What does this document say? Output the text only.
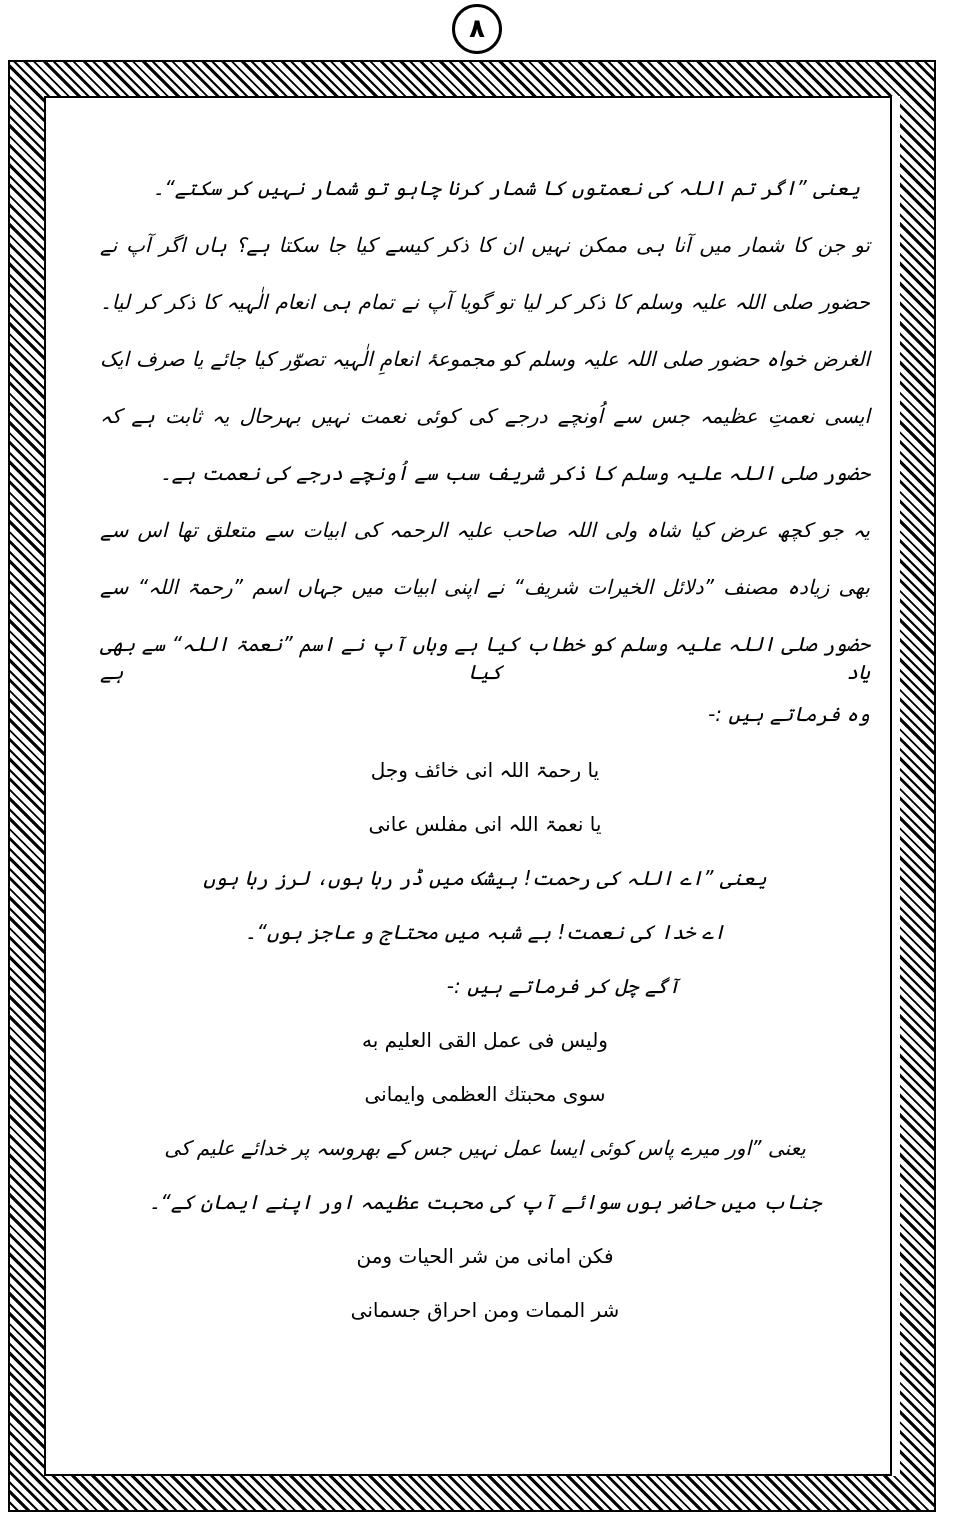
٨
یعنی ”اگر تم اللہ کی نعمتوں کا شمار کرنا چاہو تو شمار نہیں کر سکتے“۔
تو جن کا شمار میں آنا ہی ممکن نہیں ان کا ذکر کیسے کیا جا سکتا ہے؟ ہاں اگر آپ نے
حضور صلی اللہ علیہ وسلم کا ذکر کر لیا تو گویا آپ نے تمام ہی انعام الٰہیہ کا ذکر کر لیا۔
الغرض خواہ حضور صلی اللہ علیہ وسلم کو مجموعۂ انعامِ الٰہیہ تصوّر کیا جائے یا صرف ایک
ایسی نعمتِ عظیمہ جس سے اُونچے درجے کی کوئی نعمت نہیں بہرحال یہ ثابت ہے کہ
حضور صلی اللہ علیہ وسلم کا ذکر شریف سب سے اُونچے درجے کی نعمت ہے۔
یہ جو کچھ عرض کیا شاہ ولی اللہ صاحب علیہ الرحمہ کی ابیات سے متعلق تھا اس سے
بھی زیادہ مصنف ”دلائل الخیرات شریف“ نے اپنی ابیات میں جہاں اسم ”رحمۃ اللہ“ سے
حضور صلی اللہ علیہ وسلم کو خطاب کیا ہے وہاں آپ نے اسم ”نعمۃ اللہ“ سے بھی یاد کیا ہے
وہ فرماتے ہیں :-
یا رحمۃ اللہ انی خائف وجل
یا نعمۃ اللہ انی مفلس عانی
یعنی ”اے اللہ کی رحمت! بیشک میں ڈر رہا ہوں، لرز رہا ہوں
اے خدا کی نعمت! بے شبہ میں محتاج و عاجز ہوں“۔
آگے چل کر فرماتے ہیں :-
ولیس فی عمل القی العلیم به
سوی محبتك العظمی وایمانی
یعنی ”اور میرے پاس کوئی ایسا عمل نہیں جس کے بھروسہ پر خدائے علیم کی
جناب میں حاضر ہوں سوائے آپ کی محبت عظیمہ اور اپنے ایمان کے“۔
فکن امانی من شر الحیات ومن
شر الممات ومن احراق جسمانی
